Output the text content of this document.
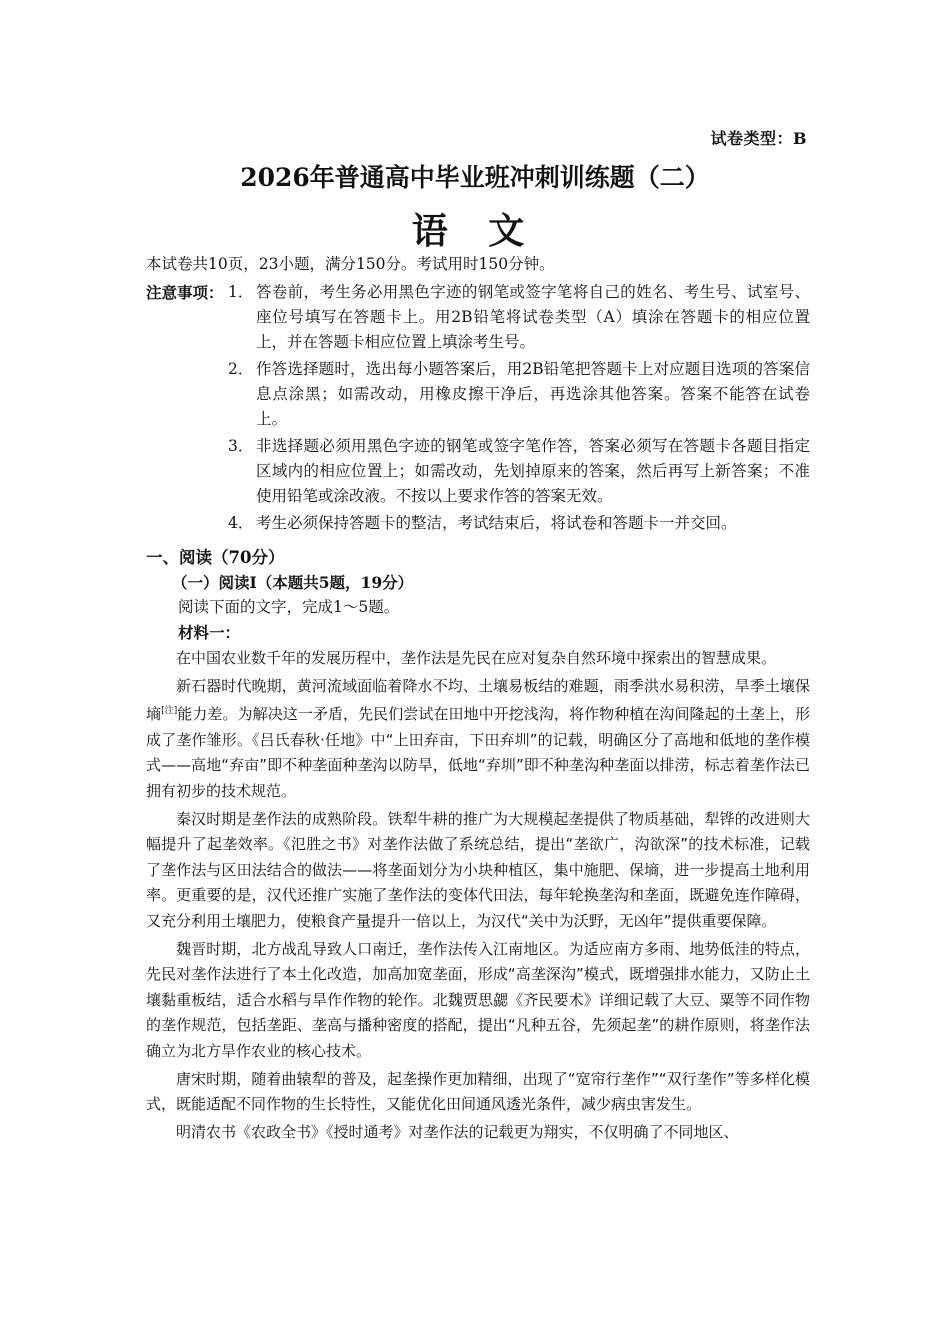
试卷类型：B
2026年普通高中毕业班冲刺训练题（二）
语 文

本试卷共10页，23小题，满分150分。考试用时150分钟。

注意事项： 1． 答卷前，考生务必用黑色字迹的钢笔或签字笔将自己的姓名、考生号、试室号、座位号填写在答题卡上。用2B铅笔将试卷类型（A）填涂在答题卡的相应位置上，并在答题卡相应位置上填涂考生号。
2． 作答选择题时，选出每小题答案后，用2B铅笔把答题卡上对应题目选项的答案信息点涂黑；如需改动，用橡皮擦干净后，再选涂其他答案。答案不能答在试卷上。
3． 非选择题必须用黑色字迹的钢笔或签字笔作答，答案必须写在答题卡各题目指定区域内的相应位置上；如需改动，先划掉原来的答案，然后再写上新答案；不准使用铅笔或涂改液。不按以上要求作答的答案无效。
4． 考生必须保持答题卡的整洁，考试结束后，将试卷和答题卡一并交回。

一、阅读（70分）

（一）阅读Ⅰ（本题共5题，19分）

阅读下面的文字，完成1～5题。

材料一：

在中国农业数千年的发展历程中，垄作法是先民在应对复杂自然环境中探索出的智慧成果。

新石器时代晚期，黄河流域面临着降水不均、土壤易板结的难题，雨季洪水易积涝，旱季土壤保墒[注]能力差。为解决这一矛盾，先民们尝试在田地中开挖浅沟，将作物种植在沟间隆起的土垄上，形成了垄作雏形。《吕氏春秋·任地》中“上田弃亩，下田弃圳”的记载，明确区分了高地和低地的垄作模式——高地“弃亩”即不种垄面种垄沟以防旱，低地“弃圳”即不种垄沟种垄面以排涝，标志着垄作法已拥有初步的技术规范。

秦汉时期是垄作法的成熟阶段。铁犁牛耕的推广为大规模起垄提供了物质基础，犁铧的改进则大幅提升了起垄效率。《氾胜之书》对垄作法做了系统总结，提出“垄欲广，沟欲深”的技术标准，记载了垄作法与区田法结合的做法——将垄面划分为小块种植区，集中施肥、保墒，进一步提高土地利用率。更重要的是，汉代还推广实施了垄作法的变体代田法，每年轮换垄沟和垄面，既避免连作障碍，又充分利用土壤肥力，使粮食产量提升一倍以上，为汉代“关中为沃野，无凶年”提供重要保障。

魏晋时期，北方战乱导致人口南迁，垄作法传入江南地区。为适应南方多雨、地势低洼的特点，先民对垄作法进行了本土化改造，加高加宽垄面，形成“高垄深沟”模式，既增强排水能力，又防止土壤黏重板结，适合水稻与旱作作物的轮作。北魏贾思勰《齐民要术》详细记载了大豆、粟等不同作物的垄作规范，包括垄距、垄高与播种密度的搭配，提出“凡种五谷，先须起垄”的耕作原则，将垄作法确立为北方旱作农业的核心技术。

唐宋时期，随着曲辕犁的普及，起垄操作更加精细，出现了“宽帘行垄作”“双行垄作”等多样化模式，既能适配不同作物的生长特性，又能优化田间通风透光条件，减少病虫害发生。

明清农书《农政全书》《授时通考》对垄作法的记载更为翔实，不仅明确了不同地区、
